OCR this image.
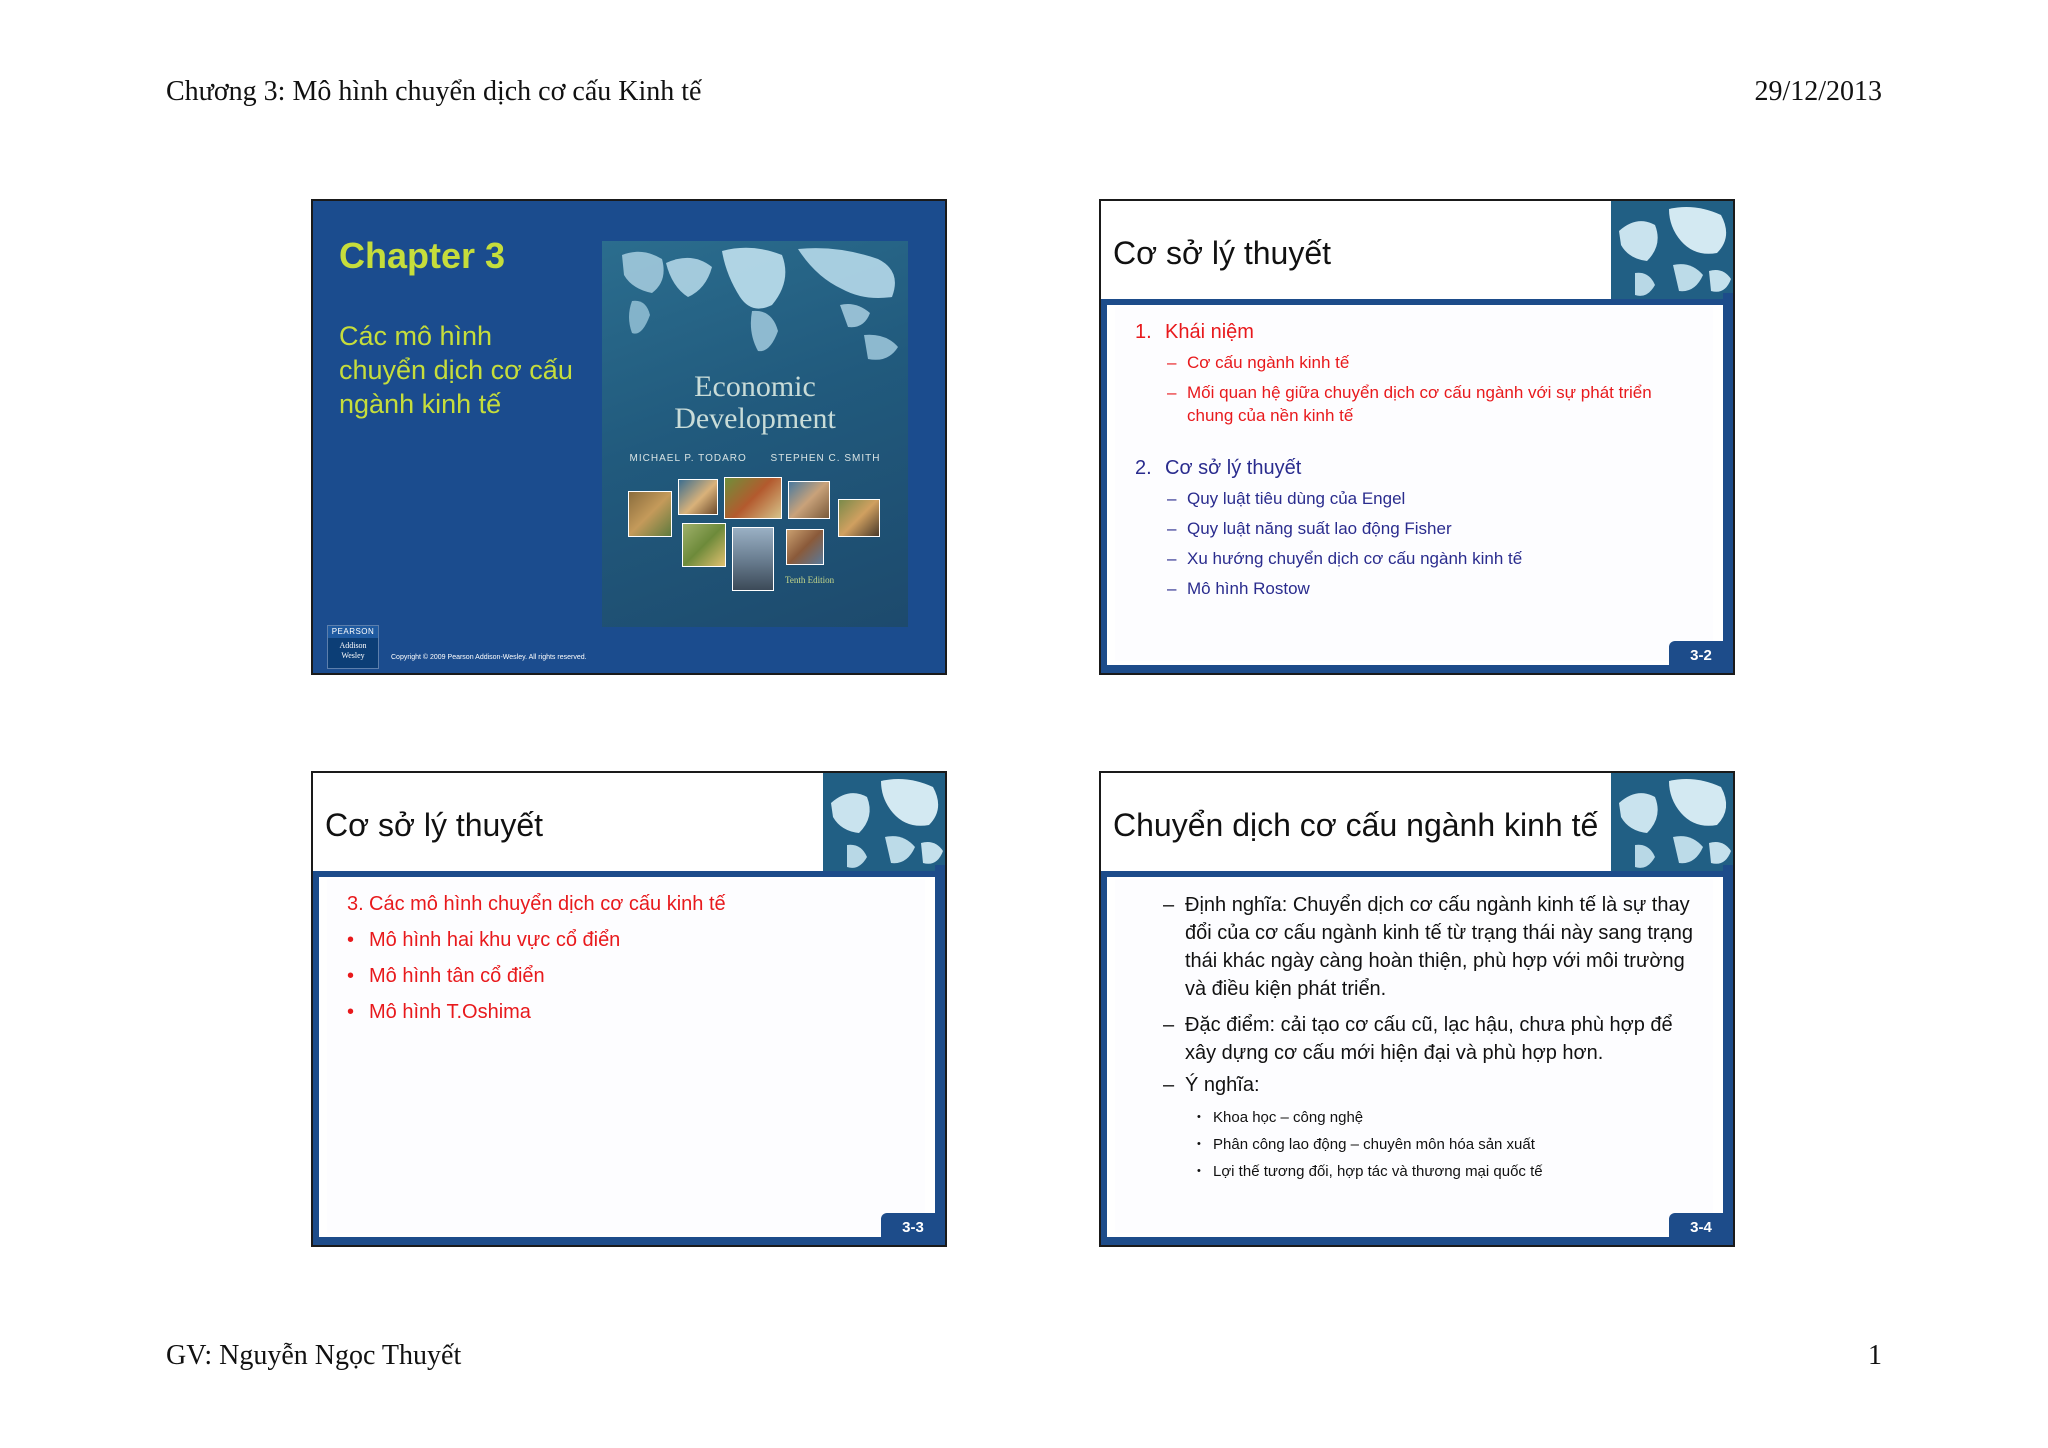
Chương 3: Mô hình chuyển dịch cơ cấu Kinh tế	29/12/2013
Chapter 3
Các mô hình chuyển dịch cơ cấu ngành kinh tế
Economic
Development
MICHAEL P. TODARO STEPHEN C. SMITH
Tenth Edition
PEARSON
Addison
Wesley	Copyright © 2009 Pearson Addison-Wesley. All rights reserved.
Cơ sở lý thuyết
1. Khái niệm
– Cơ cấu ngành kinh tế
– Mối quan hệ giữa chuyển dịch cơ cấu ngành với sự phát triển chung của nền kinh tế
2. Cơ sở lý thuyết
– Quy luật tiêu dùng của Engel
– Quy luật năng suất lao động Fisher
– Xu hướng chuyển dịch cơ cấu ngành kinh tế
– Mô hình Rostow
3-2
Cơ sở lý thuyết
3. Các mô hình chuyển dịch cơ cấu kinh tế
• Mô hình hai khu vực cổ điển
• Mô hình tân cổ điển
• Mô hình T.Oshima
3-3
Chuyển dịch cơ cấu ngành kinh tế
– Định nghĩa: Chuyển dịch cơ cấu ngành kinh tế là sự thay đổi của cơ cấu ngành kinh tế từ trạng thái này sang trạng thái khác ngày càng hoàn thiện, phù hợp với môi trường và điều kiện phát triển.
– Đặc điểm: cải tạo cơ cấu cũ, lạc hậu, chưa phù hợp để xây dựng cơ cấu mới hiện đại và phù hợp hơn.
– Ý nghĩa:
• Khoa học – công nghệ
• Phân công lao động – chuyên môn hóa sản xuất
• Lợi thế tương đối, hợp tác và thương mại quốc tế
3-4
GV: Nguyễn Ngọc Thuyết	1
